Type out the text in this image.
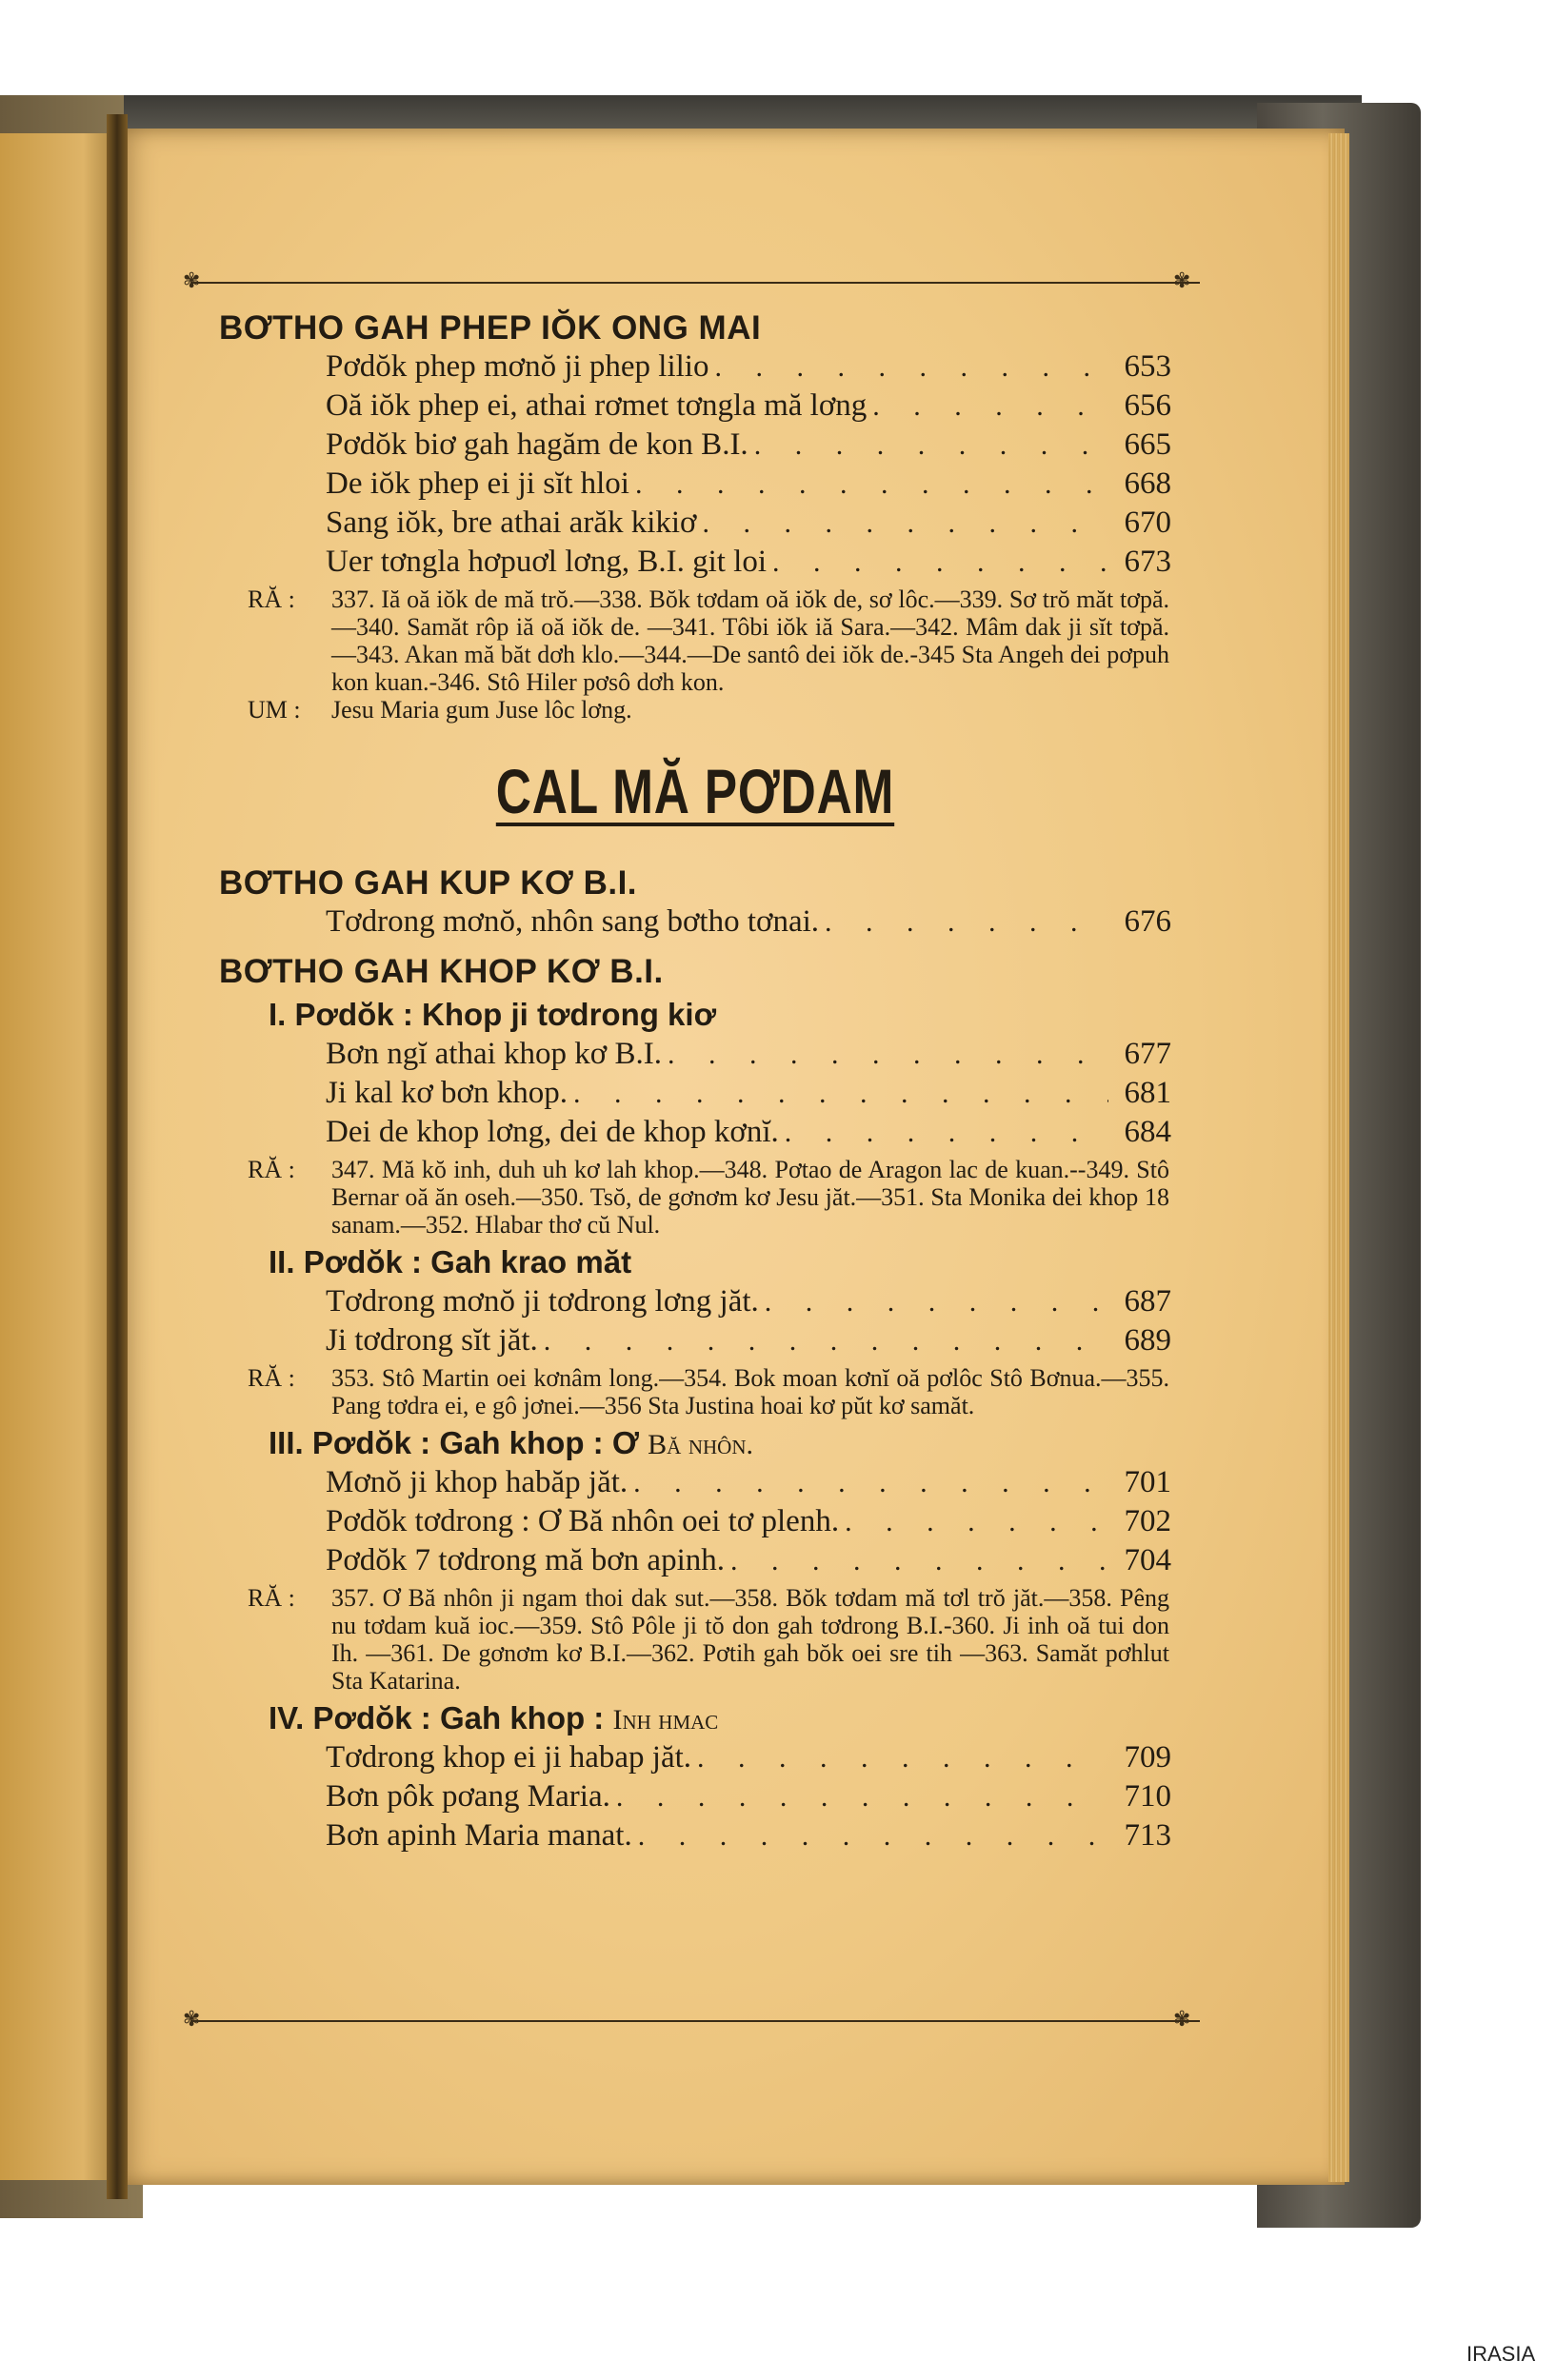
✾	✾
✾	✾
BƠTHO GAH PHEP IŎK ONG MAI
Pơdŏk phep mơnŏ ji phep lilio . . .	653
Oă iŏk phep ei, athai rơmet tơngla mă lơng . . .	656
Pơdŏk biơ gah hagăm de kon B.I. . . .	665
De iŏk phep ei ji sĭt hloi . . .	668
Sang iŏk, bre athai arăk kikiơ . . .	670
Uer tơngla hơpuơl lơng, B.I. git loi . . .	673
RĂ :	337. Iă oă iŏk de mă trŏ.—338. Bŏk tơdam oă iŏk de, sơ lôc.—339. Sơ trŏ măt tơpă.—340. Samăt rôp iă oă iŏk de. —341. Tôbi iŏk iă Sara.—342. Mâm dak ji sĭt tơpă.—343. Akan mă băt dơh klo.—344.—De santô dei iŏk de.-345 Sta Angeh dei pơpuh kon kuan.-346. Stô Hiler pơsô dơh kon.
UM :	Jesu Maria gum Juse lôc lơng.
CAL MĂ PƠDAM
BƠTHO GAH KUP KƠ B.I.
Tơdrong mơnŏ, nhôn sang bơtho tơnai. . . .	676
BƠTHO GAH KHOP KƠ B.I.
I. Pơdŏk : Khop ji tơdrong kiơ
Bơn ngĭ athai khop kơ B.I. . . .	677
Ji kal kơ bơn khop. . . .	681
Dei de khop lơng, dei de khop kơnĭ. . . .	684
RĂ :	347. Mă kŏ inh, duh uh kơ lah khop.—348. Pơtao de Aragon lac de kuan.--349. Stô Bernar oă ăn oseh.—350. Tsŏ, de gơnơm kơ Jesu jăt.—351. Sta Monika dei khop 18 sanam.—352. Hlabar thơ cŭ Nul.
II. Pơdŏk : Gah krao măt
Tơdrong mơnŏ ji tơdrong lơng jăt. . . .	687
Ji tơdrong sĭt jăt. . . .	689
RĂ :	353. Stô Martin oei kơnâm long.—354. Bok moan kơnĭ oă pơlôc Stô Bơnua.—355. Pang tơdra ei, e gô jơnei.—356 Sta Justina hoai kơ pŭt kơ samăt.
III. Pơdŏk : Gah khop : Ơ Bă nhôn.
Mơnŏ ji khop habăp jăt. . . .	701
Pơdŏk tơdrong : Ơ Bă nhôn oei tơ plenh. . . .	702
Pơdŏk 7 tơdrong mă bơn apinh. . . .	704
RĂ :	357. Ơ Bă nhôn ji ngam thoi dak sut.—358. Bŏk tơdam mă tơl trŏ jăt.—358. Pêng nu tơdam kuă ioc.—359. Stô Pôle ji tŏ don gah tơdrong B.I.-360. Ji inh oă tui don Ih. —361. De gơnơm kơ B.I.—362. Pơtih gah bŏk oei sre tih —363. Samăt pơhlut Sta Katarina.
IV. Pơdŏk : Gah khop : Inh hmac
Tơdrong khop ei ji habap jăt. . . .	709
Bơn pôk pơang Maria. . . .	710
Bơn apinh Maria manat. . . .	713
IRASIA
